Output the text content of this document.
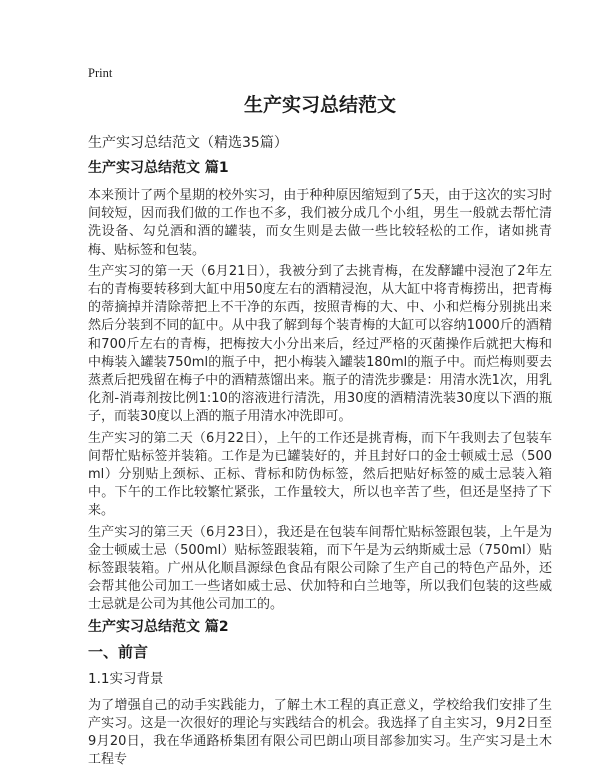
Print
生产实习总结范文

生产实习总结范文（精选35篇）

生产实习总结范文 篇1

本来预计了两个星期的校外实习，由于种种原因缩短到了5天，由于这次的实习时间较短，因而我们做的工作也不多，我们被分成几个小组，男生一般就去帮忙清洗设备、勾兑酒和酒的罐装，而女生则是去做一些比较轻松的工作，诸如挑青梅、贴标签和包装。

生产实习的第一天（6月21日），我被分到了去挑青梅，在发酵罐中浸泡了2年左右的青梅要转移到大缸中用50度左右的酒精浸泡，从大缸中将青梅捞出，把青梅的蒂摘掉并清除蒂把上不干净的东西，按照青梅的大、中、小和烂梅分别挑出来然后分装到不同的缸中。从中我了解到每个装青梅的大缸可以容纳1000斤的酒精和700斤左右的青梅，把梅按大小分出来后，经过严格的灭菌操作后就把大梅和中梅装入罐装750ml的瓶子中，把小梅装入罐装180ml的瓶子中。而烂梅则要去蒸煮后把残留在梅子中的酒精蒸馏出来。瓶子的清洗步骤是：用清水洗1次，用乳化剂-消毒剂按比例1:10的溶液进行清洗，用30度的酒精清洗装30度以下酒的瓶子，而装30度以上酒的瓶子用清水冲洗即可。

生产实习的第二天（6月22日），上午的工作还是挑青梅，而下午我则去了包装车间帮忙贴标签并装箱。工作是为已罐装好的，并且封好口的金士顿威士忌（500ml）分别贴上颈标、正标、背标和防伪标签，然后把贴好标签的威士忌装入箱中。下午的工作比较繁忙紧张，工作量较大，所以也辛苦了些，但还是坚持了下来。

生产实习的第三天（6月23日），我还是在包装车间帮忙贴标签跟包装，上午是为金士顿威士忌（500ml）贴标签跟装箱，而下午是为云纳斯威士忌（750ml）贴标签跟装箱。广州从化顺昌源绿色食品有限公司除了生产自己的特色产品外，还会帮其他公司加工一些诸如威士忌、伏加特和白兰地等，所以我们包装的这些威士忌就是公司为其他公司加工的。

生产实习总结范文 篇2
一、前言

1.1实习背景

为了增强自己的动手实践能力，了解土木工程的真正意义，学校给我们安排了生产实习。这是一次很好的理论与实践结合的机会。我选择了自主实习，9月2日至9月20日，我在华通路桥集团有限公司巴朗山项目部参加实习。生产实习是土木工程专
